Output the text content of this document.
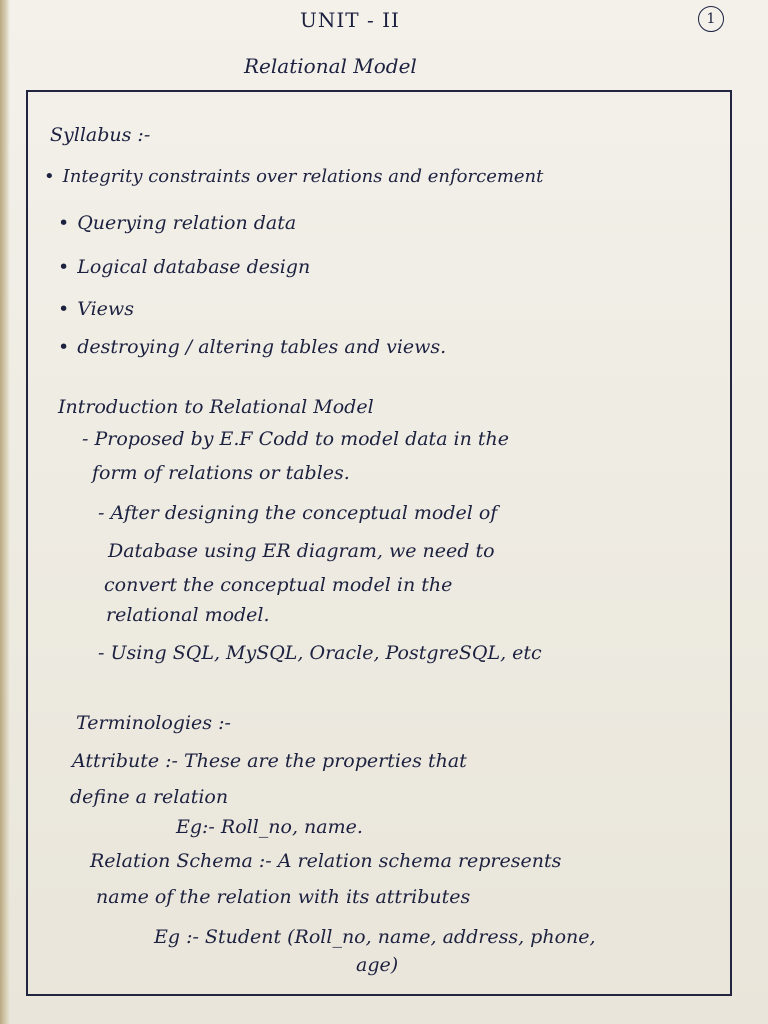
UNIT - II	1
Relational Model
Syllabus :-
• Integrity constraints over relations and enforcement
• Querying relation data
• Logical database design
• Views
• destroying / altering tables and views.
Introduction to Relational Model
- Proposed by E.F Codd to model data in the
form of relations or tables.
- After designing the conceptual model of
Database using ER diagram, we need to
convert the conceptual model in the
relational model.
- Using SQL, MySQL, Oracle, PostgreSQL, etc
Terminologies :-
Attribute :- These are the properties that
define a relation
Eg:- Roll_no, name.
Relation Schema :- A relation schema represents
name of the relation with its attributes
Eg :- Student (Roll_no, name, address, phone,
age)
